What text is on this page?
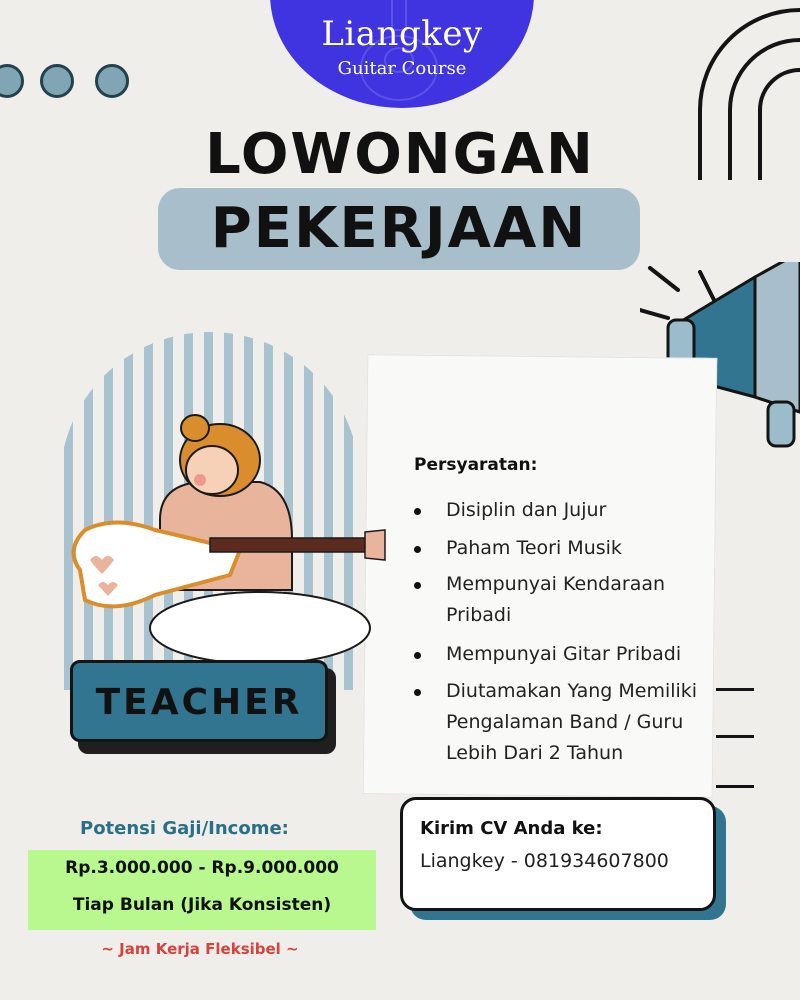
Liangkey
Guitar Course
LOWONGAN
PEKERJAAN
TEACHER
Persyaratan:
Disiplin dan Jujur
Paham Teori Musik
Mempunyai Kendaraan Pribadi
Mempunyai Gitar Pribadi
Diutamakan Yang Memiliki Pengalaman Band / Guru Lebih Dari 2 Tahun
Kirim CV Anda ke:
Liangkey - 081934607800
Potensi Gaji/Income:
Rp.3.000.000 - Rp.9.000.000
Tiap Bulan (Jika Konsisten)
~ Jam Kerja Fleksibel ~
